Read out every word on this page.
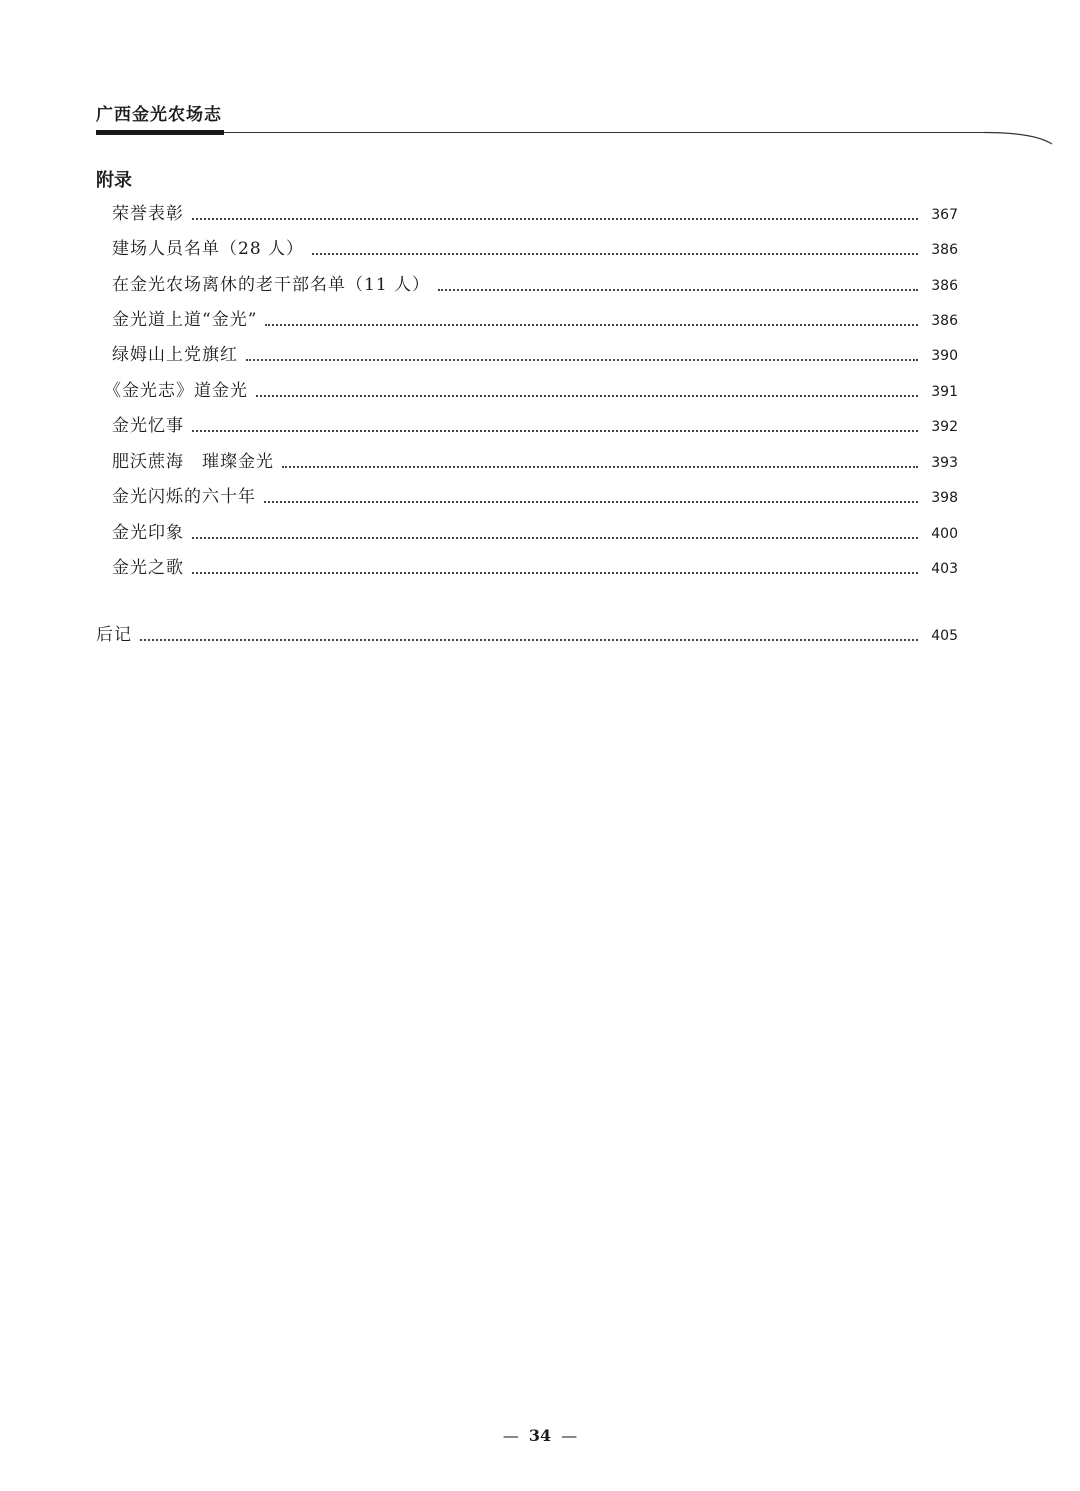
广西金光农场志
附录
荣誉表彰	367
建场人员名单（28 人）	386
在金光农场离休的老干部名单（11 人）	386
金光道上道“金光”	386
绿姆山上党旗红	390
《金光志》道金光	391
金光忆事	392
肥沃蔗海　璀璨金光	393
金光闪烁的六十年	398
金光印象	400
金光之歌	403
后记	405
— 34 —
